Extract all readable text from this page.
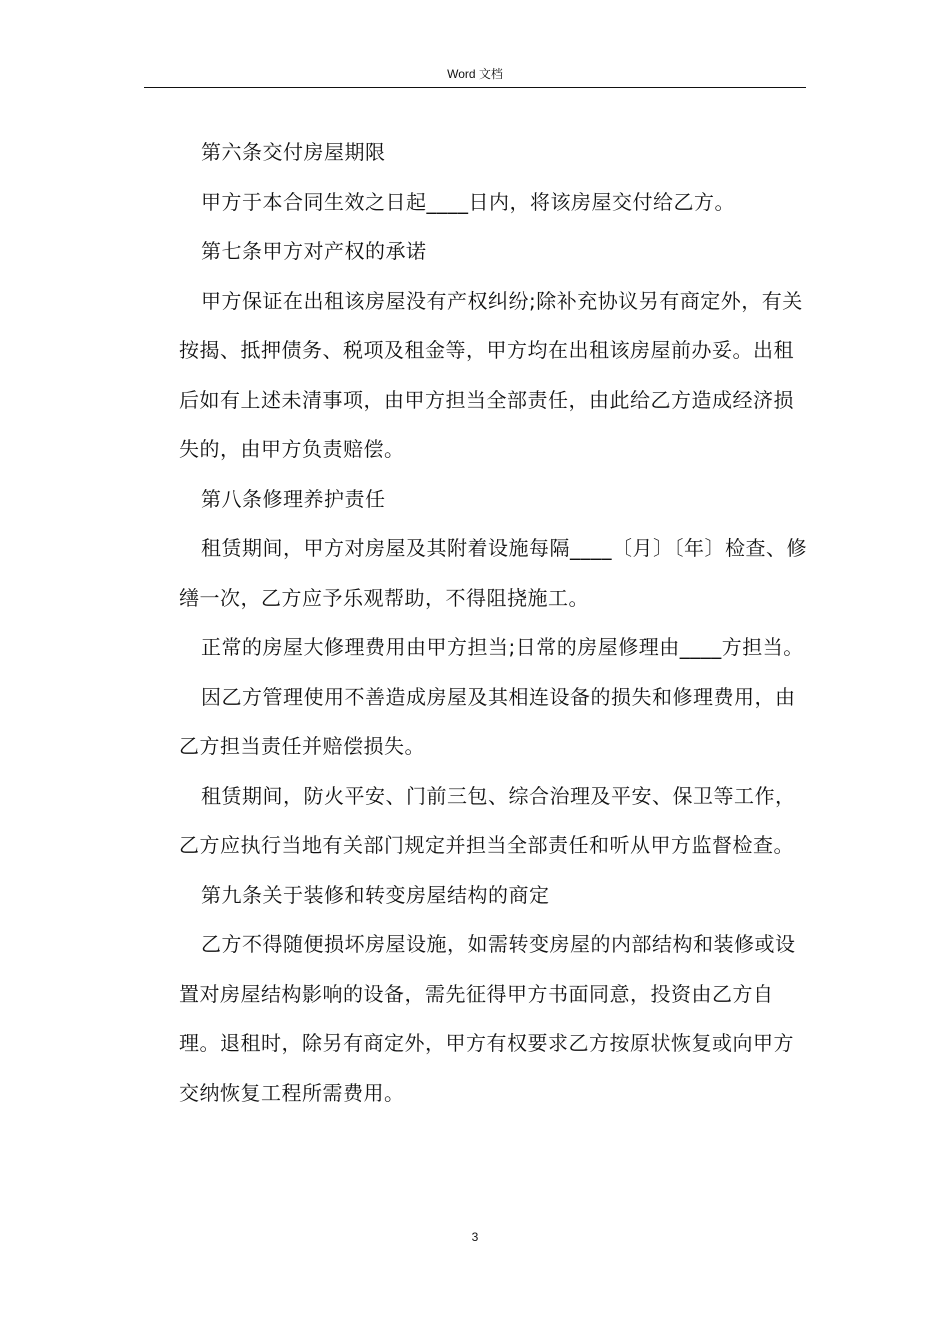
Word 文档

第六条交付房屋期限

甲方于本合同生效之日起____日内，将该房屋交付给乙方。

第七条甲方对产权的承诺

甲方保证在出租该房屋没有产权纠纷;除补充协议另有商定外，有关按揭、抵押债务、税项及租金等，甲方均在出租该房屋前办妥。出租后如有上述未清事项，由甲方担当全部责任，由此给乙方造成经济损失的，由甲方负责赔偿。

第八条修理养护责任

租赁期间，甲方对房屋及其附着设施每隔____〔月〕〔年〕检查、修缮一次，乙方应予乐观帮助，不得阻挠施工。

正常的房屋大修理费用由甲方担当;日常的房屋修理由____方担当。

因乙方管理使用不善造成房屋及其相连设备的损失和修理费用，由乙方担当责任并赔偿损失。

租赁期间，防火平安、门前三包、综合治理及平安、保卫等工作，乙方应执行当地有关部门规定并担当全部责任和听从甲方监督检查。

第九条关于装修和转变房屋结构的商定

乙方不得随便损坏房屋设施，如需转变房屋的内部结构和装修或设置对房屋结构影响的设备，需先征得甲方书面同意，投资由乙方自理。退租时，除另有商定外，甲方有权要求乙方按原状恢复或向甲方交纳恢复工程所需费用。

3
